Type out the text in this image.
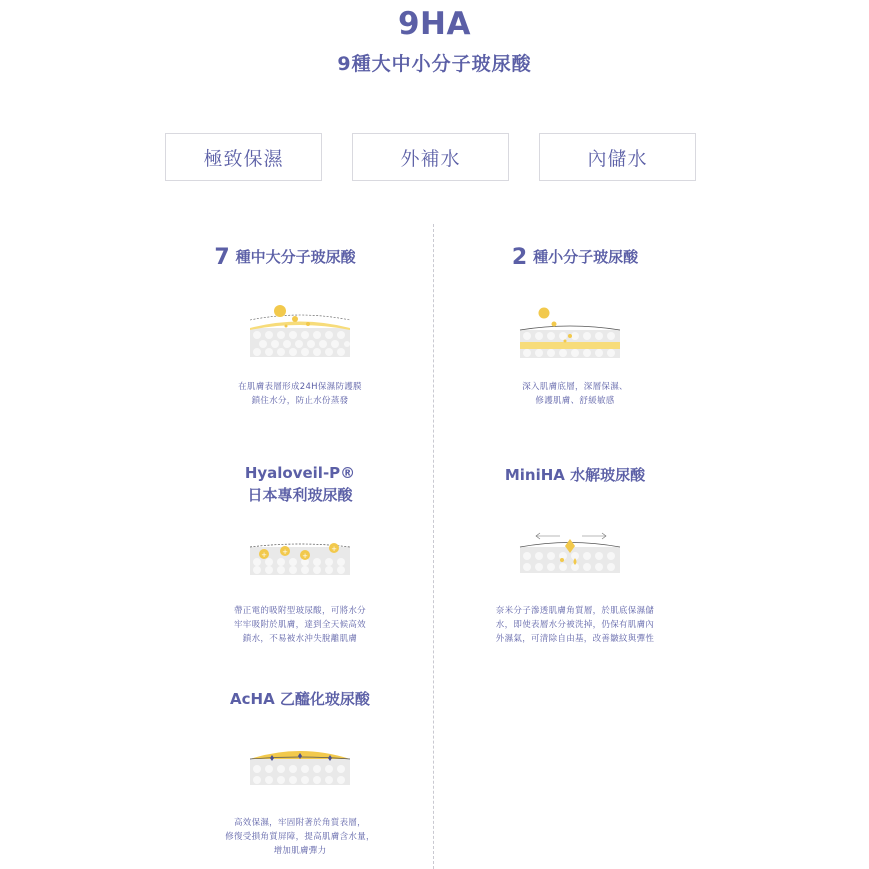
9HA
9種大中小分子玻尿酸
極致保濕	外補水	內儲水
7 種中大分子玻尿酸
在肌膚表層形成24H保濕防護膜
鎖住水分，防止水份蒸發
2 種小分子玻尿酸
深入肌膚底層，深層保濕、
修護肌膚、舒緩敏感
Hyaloveil-P®
日本專利玻尿酸
+ + +
+
帶正電的吸附型玻尿酸，可將水分
牢牢吸附於肌膚，達到全天候高效
鎖水，不易被水沖失脫離肌膚
MiniHA 水解玻尿酸
奈米分子滲透肌膚角質層，於肌底保濕儲
水，即使表層水分被洗掉，仍保有肌膚內
外濕氣，可清除自由基，改善皺紋與彈性
AcHA 乙醯化玻尿酸
高效保濕，牢固附著於角質表層，
修復受損角質屏障，提高肌膚含水量，
增加肌膚彈力
